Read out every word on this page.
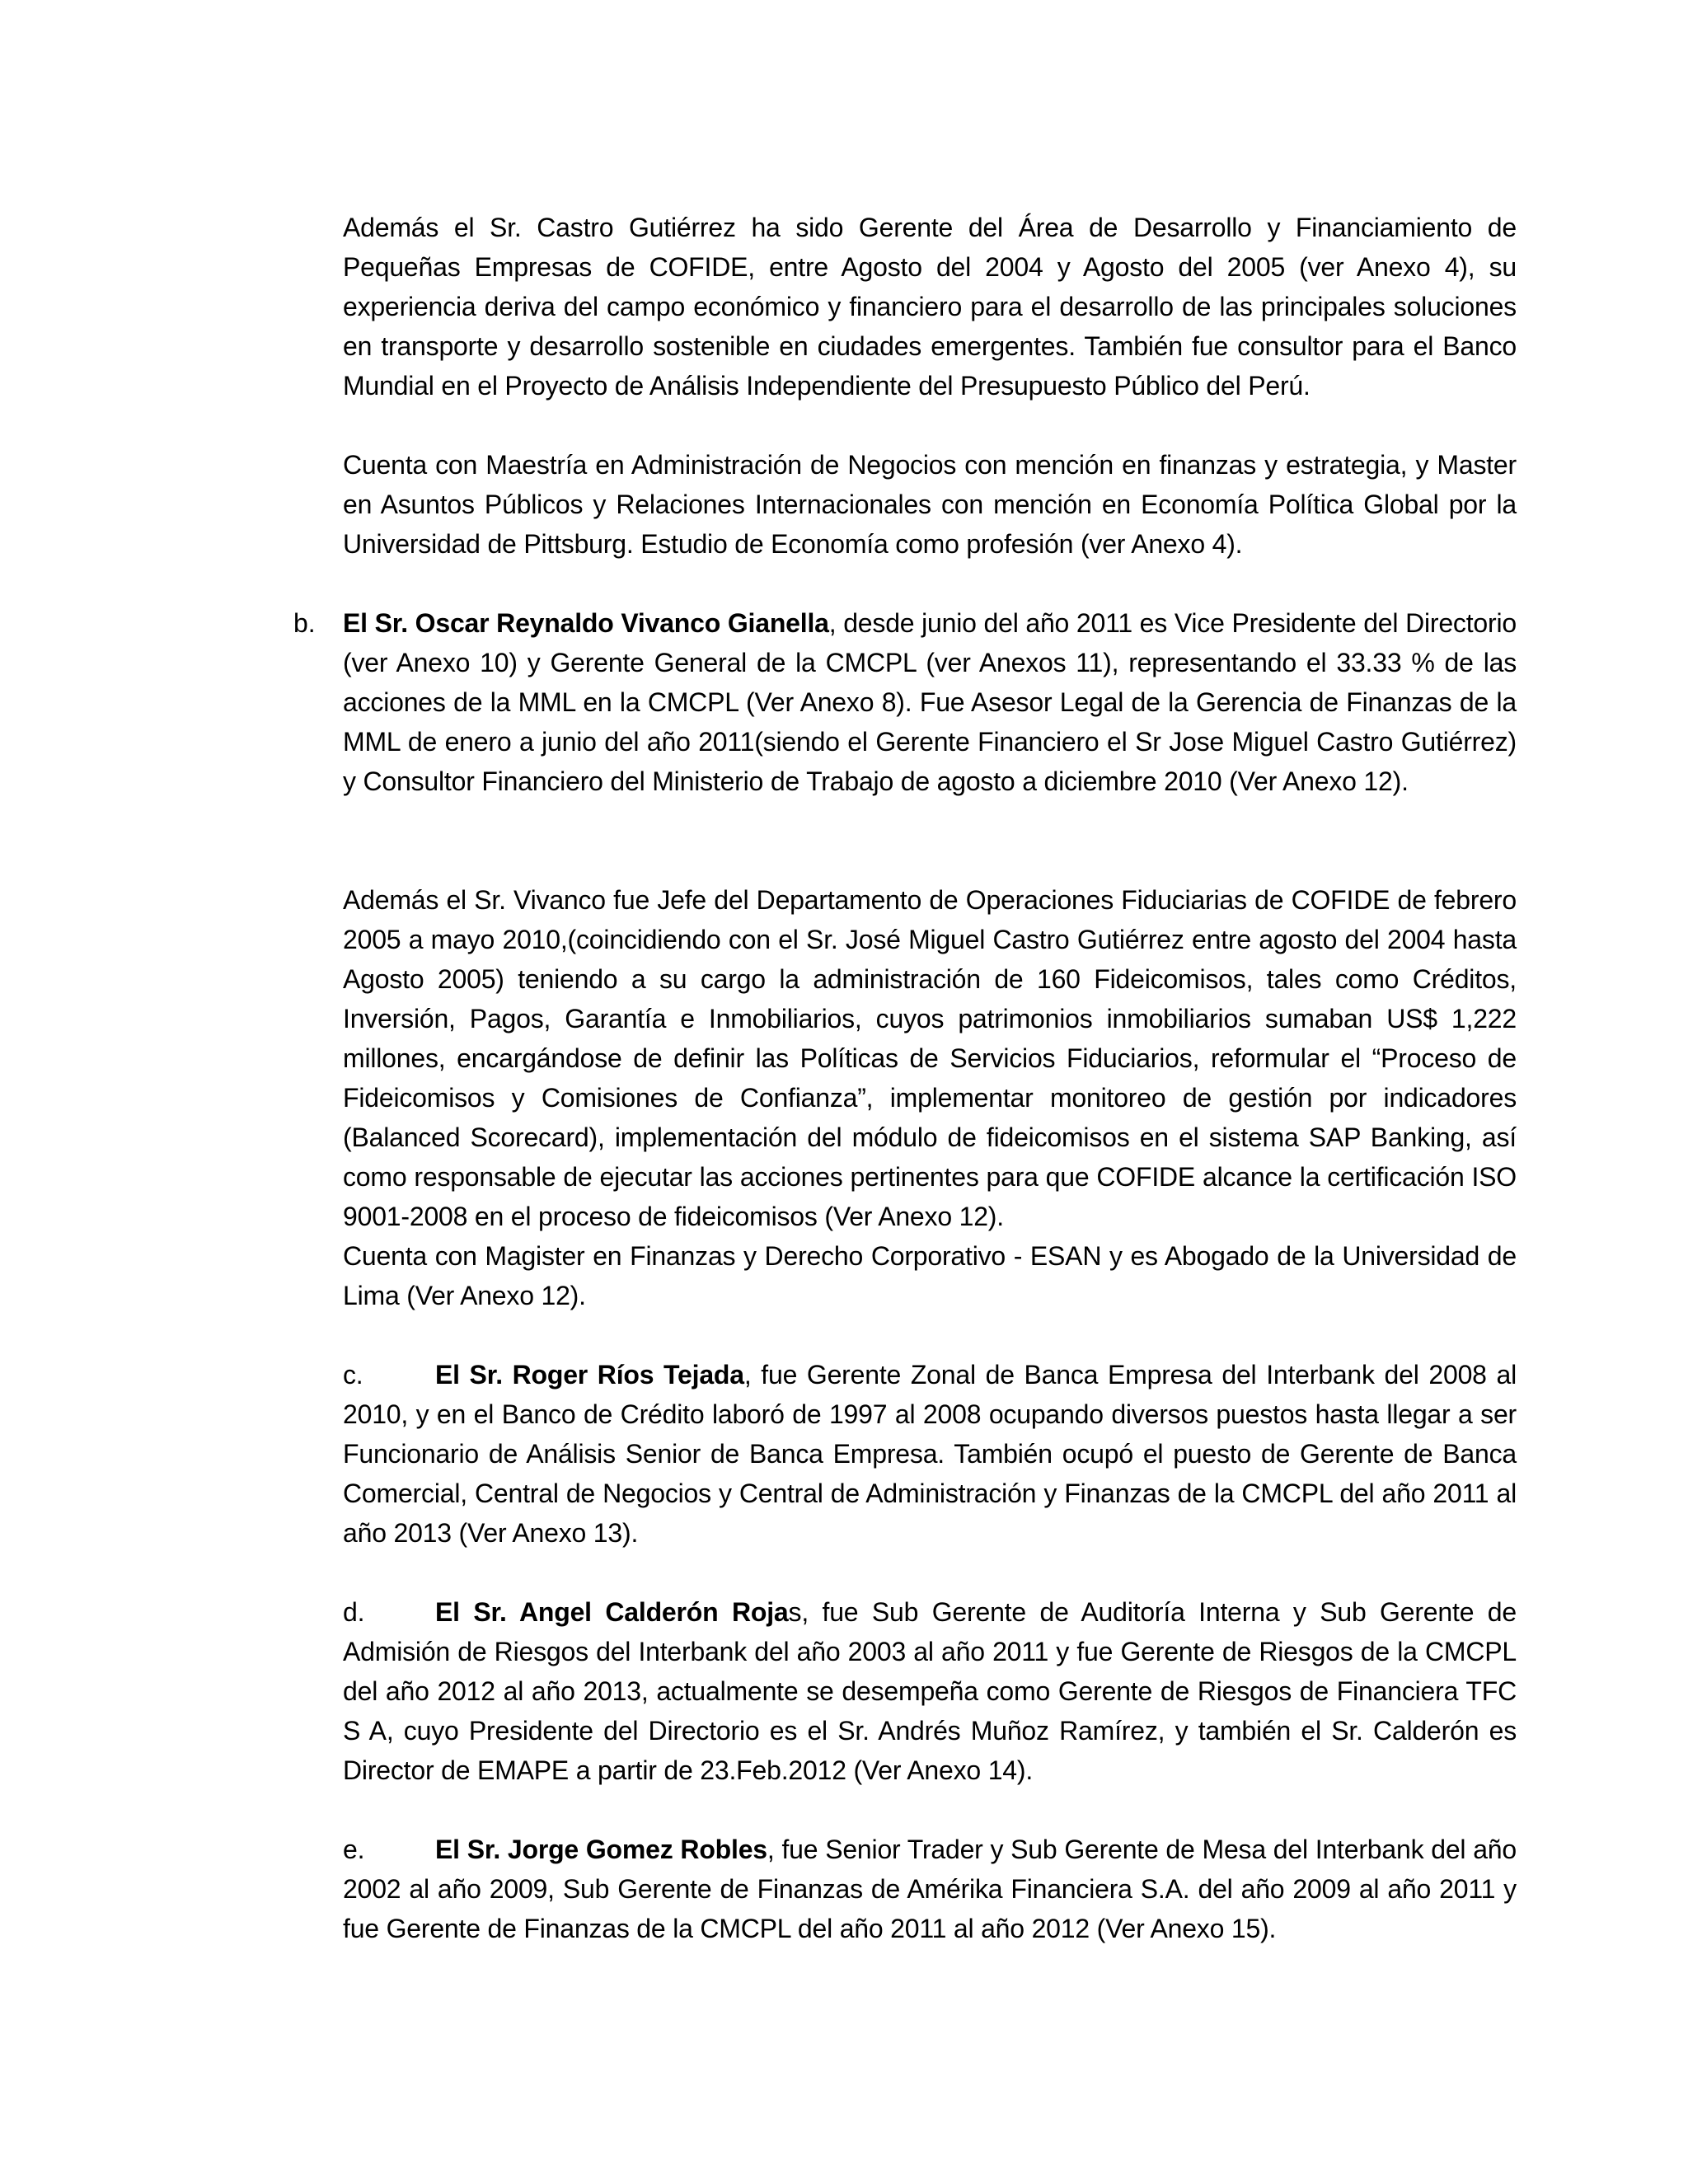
Además el Sr. Castro Gutiérrez ha sido Gerente del Área de Desarrollo y Financiamiento de Pequeñas Empresas de COFIDE, entre Agosto del 2004 y Agosto del 2005 (ver Anexo 4), su experiencia deriva del campo económico y financiero para el desarrollo de las principales soluciones en transporte y desarrollo sostenible en ciudades emergentes. También fue consultor para el Banco Mundial en el Proyecto de Análisis Independiente del Presupuesto Público del Perú.

Cuenta con Maestría en Administración de Negocios con mención en finanzas y estrategia, y Master en Asuntos Públicos y Relaciones Internacionales con mención en Economía Política Global por la Universidad de Pittsburg. Estudio de Economía como profesión (ver Anexo 4).

b. El Sr. Oscar Reynaldo Vivanco Gianella, desde junio del año 2011 es Vice Presidente del Directorio (ver Anexo 10) y Gerente General de la CMCPL (ver Anexos 11), representando el 33.33 % de las acciones de la MML en la CMCPL (Ver Anexo 8). Fue Asesor Legal de la Gerencia de Finanzas de la MML de enero a junio del año 2011(siendo el Gerente Financiero el Sr Jose Miguel Castro Gutiérrez) y Consultor Financiero del Ministerio de Trabajo de agosto a diciembre 2010 (Ver Anexo 12).

Además el Sr. Vivanco fue Jefe del Departamento de Operaciones Fiduciarias de COFIDE de febrero 2005 a mayo 2010,(coincidiendo con el Sr. José Miguel Castro Gutiérrez entre agosto del 2004 hasta Agosto 2005) teniendo a su cargo la administración de 160 Fideicomisos, tales como Créditos, Inversión, Pagos, Garantía e Inmobiliarios, cuyos patrimonios inmobiliarios sumaban US$ 1,222 millones, encargándose de definir las Políticas de Servicios Fiduciarios, reformular el “Proceso de Fideicomisos y Comisiones de Confianza”, implementar monitoreo de gestión por indicadores (Balanced Scorecard), implementación del módulo de fideicomisos en el sistema SAP Banking, así como responsable de ejecutar las acciones pertinentes para que COFIDE alcance la certificación ISO 9001-2008 en el proceso de fideicomisos (Ver Anexo 12).

Cuenta con Magister en Finanzas y Derecho Corporativo - ESAN y es Abogado de la Universidad de Lima (Ver Anexo 12).

c.	El Sr. Roger Ríos Tejada, fue Gerente Zonal de Banca Empresa del Interbank del 2008 al 2010, y en el Banco de Crédito laboró de 1997 al 2008 ocupando diversos puestos hasta llegar a ser Funcionario de Análisis Senior de Banca Empresa. También ocupó el puesto de Gerente de Banca Comercial, Central de Negocios y Central de Administración y Finanzas de la CMCPL del año 2011 al año 2013 (Ver Anexo 13).

d.	El Sr. Angel Calderón Rojas, fue Sub Gerente de Auditoría Interna y Sub Gerente de Admisión de Riesgos del Interbank del año 2003 al año 2011 y fue Gerente de Riesgos de la CMCPL del año 2012 al año 2013, actualmente se desempeña como Gerente de Riesgos de Financiera TFC S A, cuyo Presidente del Directorio es el Sr. Andrés Muñoz Ramírez, y también el Sr. Calderón es Director de EMAPE a partir de 23.Feb.2012 (Ver Anexo 14).

e.	El Sr. Jorge Gomez Robles, fue Senior Trader y Sub Gerente de Mesa del Interbank del año 2002 al año 2009, Sub Gerente de Finanzas de Amérika Financiera S.A. del año 2009 al año 2011 y fue Gerente de Finanzas de la CMCPL del año 2011 al año 2012 (Ver Anexo 15).
